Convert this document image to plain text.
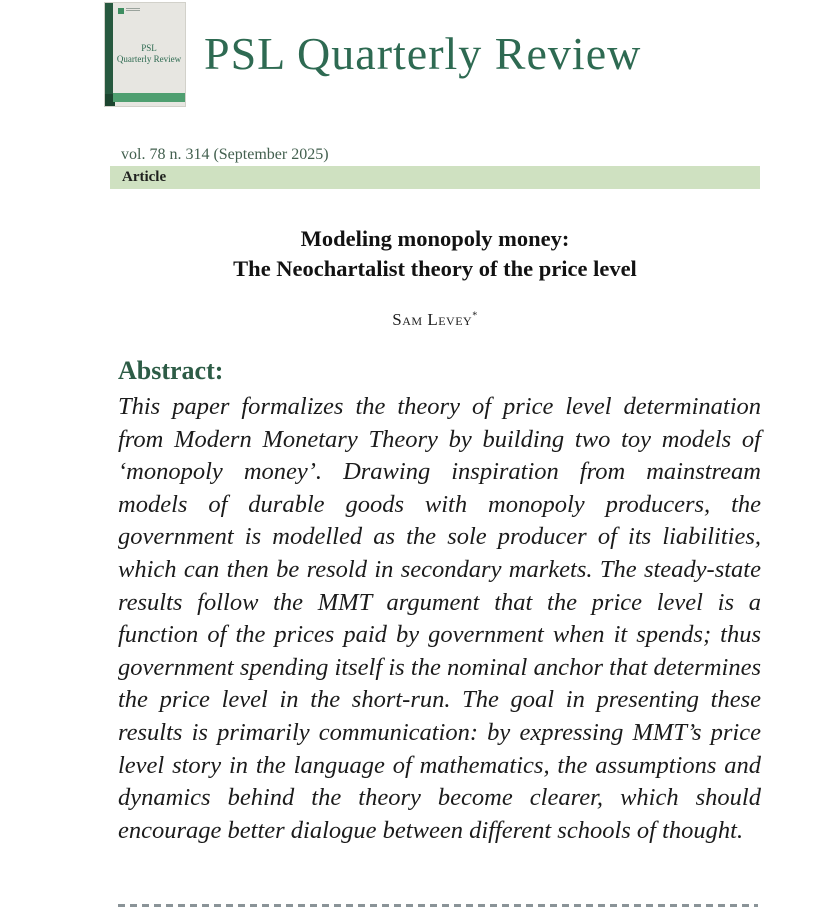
PSL
Quarterly Review PSL Quarterly Review
vol. 78 n. 314 (September 2025)
Article
Modeling monopoly money:
The Neochartalist theory of the price level
Sam Levey*
Abstract:
This paper formalizes the theory of price level determination from Modern Monetary Theory by building two toy models of ‘monopoly money’. Drawing inspiration from mainstream models of durable goods with monopoly producers, the government is modelled as the sole producer of its liabilities, which can then be resold in secondary markets. The steady-state results follow the MMT argument that the price level is a function of the prices paid by government when it spends; thus government spending itself is the nominal anchor that determines the price level in the short-run. The goal in presenting these results is primarily communication: by expressing MMT’s price level story in the language of mathematics, the assumptions and dynamics behind the theory become clearer, which should encourage better dialogue between different schools of thought.
